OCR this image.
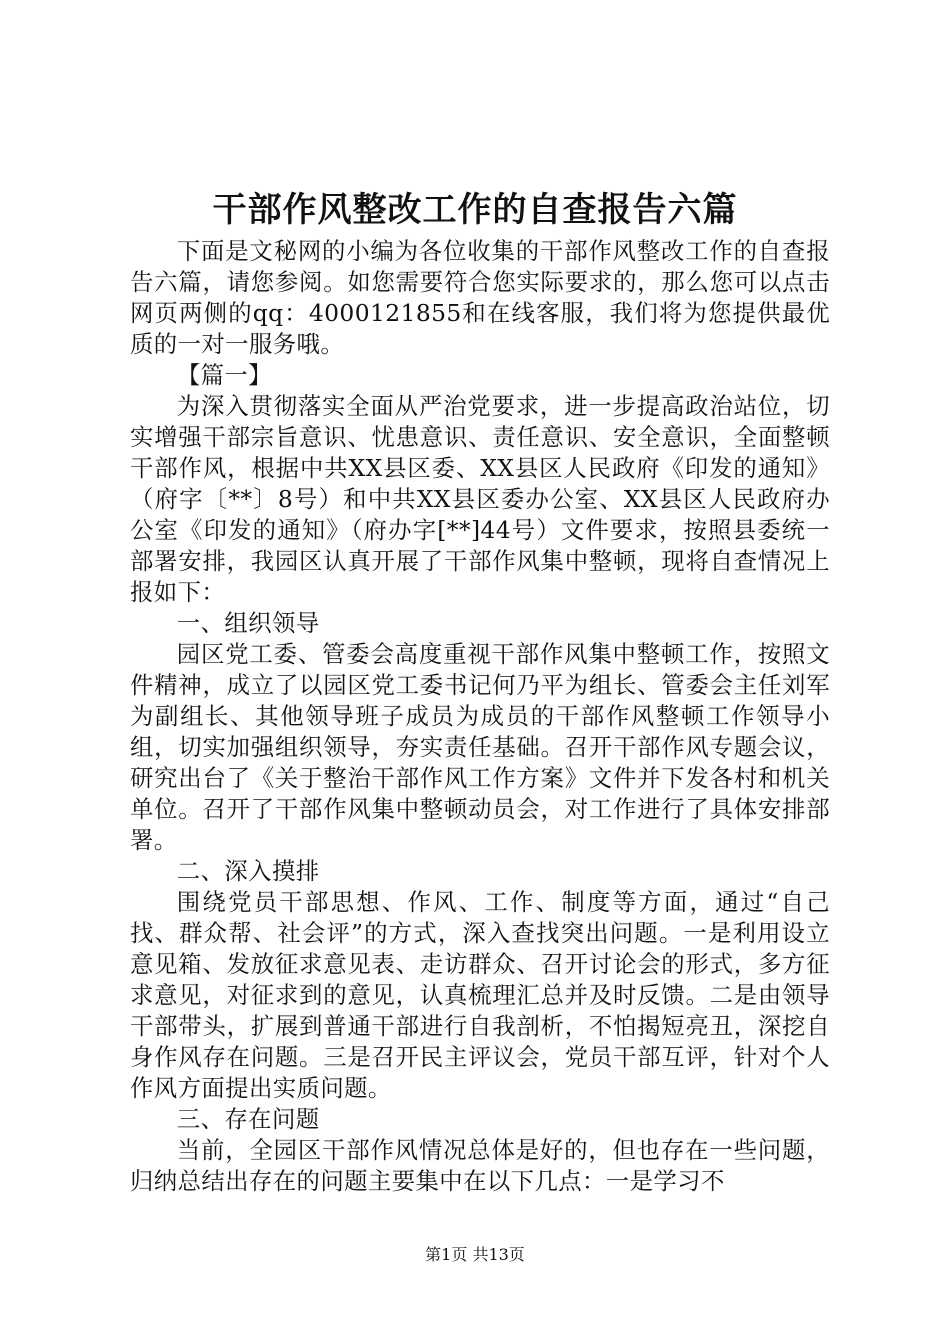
干部作风整改工作的自查报告六篇

下面是文秘网的小编为各位收集的干部作风整改工作的自查报告六篇，请您参阅。如您需要符合您实际要求的，那么您可以点击网页两侧的qq：4000121855和在线客服，我们将为您提供最优质的一对一服务哦。

【篇一】

为深入贯彻落实全面从严治党要求，进一步提高政治站位，切实增强干部宗旨意识、忧患意识、责任意识、安全意识，全面整顿干部作风，根据中共XX县区委、XX县区人民政府《印发的通知》（府字〔**〕8号）和中共XX县区委办公室、XX县区人民政府办公室《印发的通知》（府办字[**]44号）文件要求，按照县委统一部署安排，我园区认真开展了干部作风集中整顿，现将自查情况上报如下：

一、组织领导

园区党工委、管委会高度重视干部作风集中整顿工作，按照文件精神，成立了以园区党工委书记何乃平为组长、管委会主任刘军为副组长、其他领导班子成员为成员的干部作风整顿工作领导小组，切实加强组织领导，夯实责任基础。召开干部作风专题会议，研究出台了《关于整治干部作风工作方案》文件并下发各村和机关单位。召开了干部作风集中整顿动员会，对工作进行了具体安排部署。

二、深入摸排

围绕党员干部思想、作风、工作、制度等方面，通过“自己找、群众帮、社会评”的方式，深入查找突出问题。一是利用设立意见箱、发放征求意见表、走访群众、召开讨论会的形式，多方征求意见，对征求到的意见，认真梳理汇总并及时反馈。二是由领导干部带头，扩展到普通干部进行自我剖析，不怕揭短亮丑，深挖自身作风存在问题。三是召开民主评议会，党员干部互评，针对个人作风方面提出实质问题。

三、存在问题

当前，全园区干部作风情况总体是好的，但也存在一些问题，归纳总结出存在的问题主要集中在以下几点：一是学习不

第1页 共13页
